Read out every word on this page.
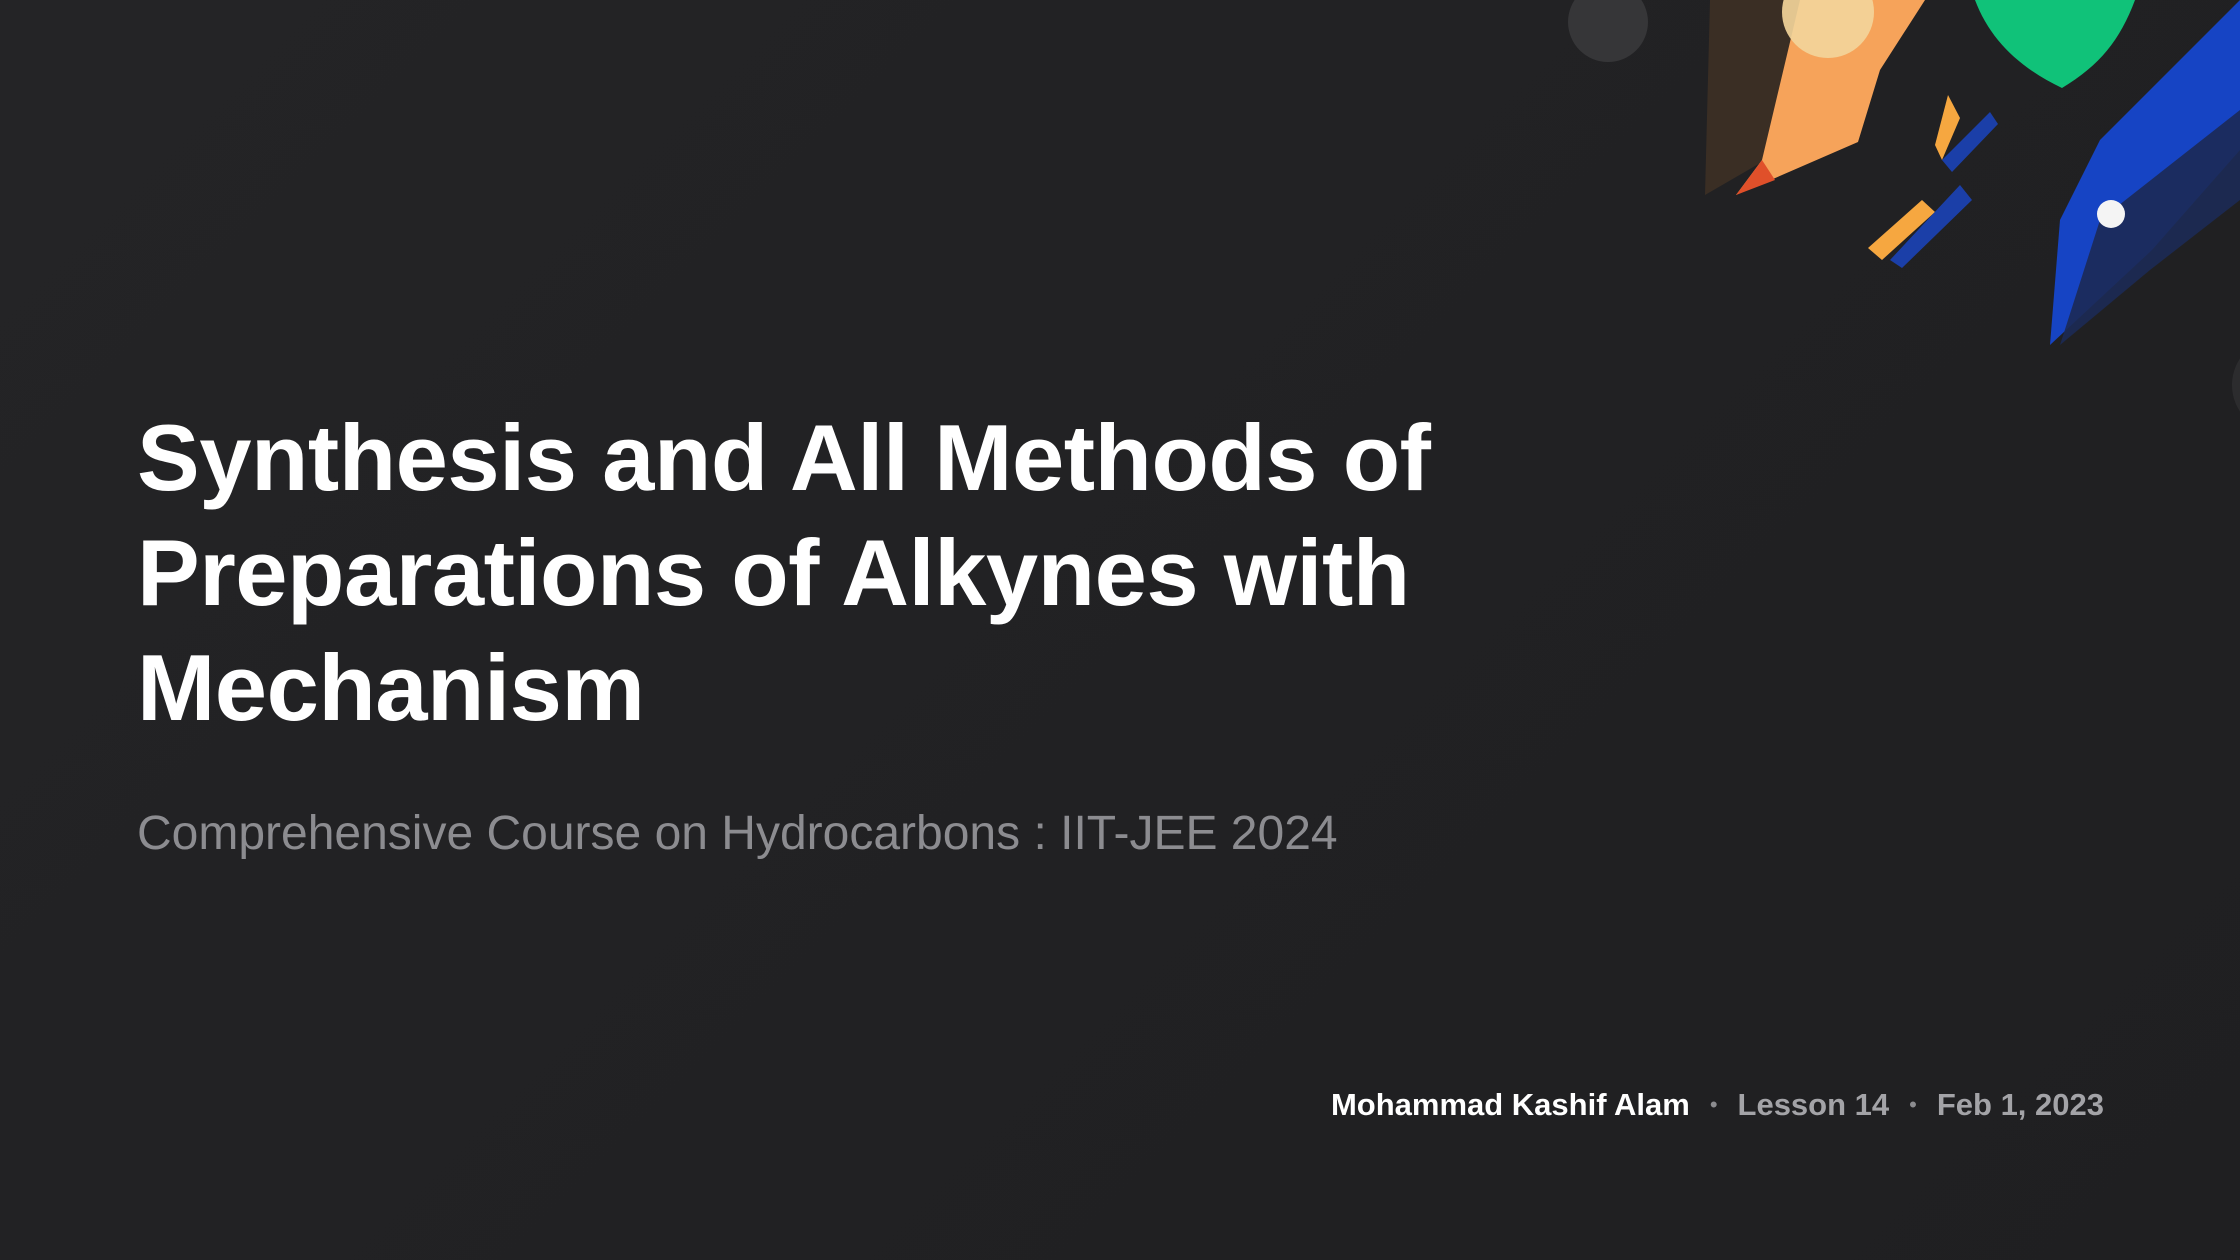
Synthesis and All Methods of Preparations of Alkynes with Mechanism

Comprehensive Course on Hydrocarbons : IIT-JEE 2024

Mohammad Kashif Alam • Lesson 14 • Feb 1, 2023
